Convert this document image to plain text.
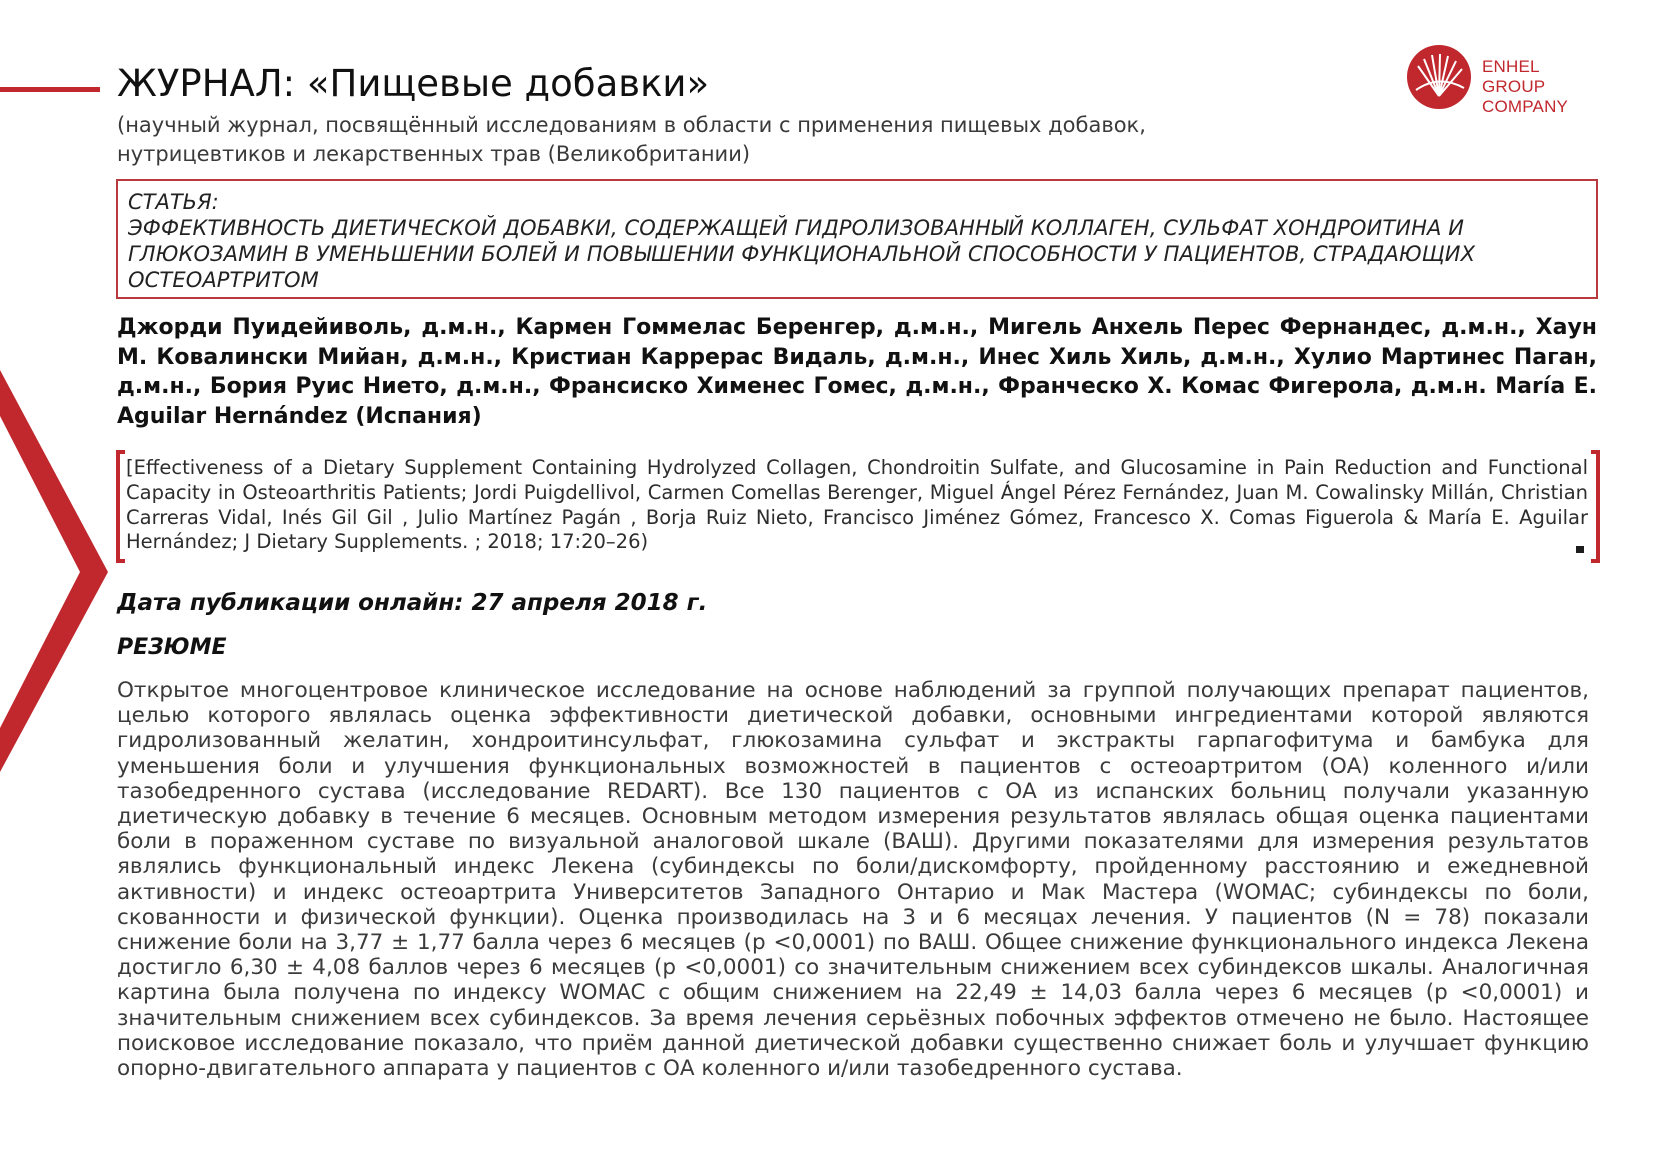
ENHEL GROUP
COMPANY
ЖУРНАЛ: «Пищевые добавки»

(научный журнал, посвящённый исследованиям в области с применения пищевых добавок, нутрицевтиков и лекарственных трав (Великобритании)

СТАТЬЯ:
ЭФФЕКТИВНОСТЬ ДИЕТИЧЕСКОЙ ДОБАВКИ, СОДЕРЖАЩЕЙ ГИДРОЛИЗОВАННЫЙ КОЛЛАГЕН, СУЛЬФАТ ХОНДРОИТИНА И ГЛЮКОЗАМИН В УМЕНЬШЕНИИ БОЛЕЙ И ПОВЫШЕНИИ ФУНКЦИОНАЛЬНОЙ СПОСОБНОСТИ У ПАЦИЕНТОВ, СТРАДАЮЩИХ ОСТЕОАРТРИТОМ

Джорди Пуидейиволь, д.м.н., Кармен Гоммелас Беренгер, д.м.н., Мигель Анхель Перес Фернандес, д.м.н., Хаун М. Ковалински Мийан, д.м.н., Кристиан Каррерас Видаль, д.м.н., Инес Хиль Хиль, д.м.н., Хулио Мартинес Паган, д.м.н., Бория Руис Нието, д.м.н., Франсиско Хименес Гомес, д.м.н., Франческо Х. Комас Фигерола, д.м.н. María E. Aguilar Hernández (Испания)

[Effectiveness of a Dietary Supplement Containing Hydrolyzed Collagen, Chondroitin Sulfate, and Glucosamine in Pain Reduction and Functional Capacity in Osteoarthritis Patients; Jordi Puigdellivol, Carmen Comellas Berenger, Miguel Ángel Pérez Fernández, Juan M. Cowalinsky Millán, Christian Carreras Vidal, Inés Gil Gil , Julio Martínez Pagán , Borja Ruiz Nieto, Francisco Jiménez Gómez, Francesco X. Comas Figuerola & María E. Aguilar Hernández; J Dietary Supplements. ; 2018; 17:20–26)

Дата публикации онлайн: 27 апреля 2018 г.

РЕЗЮМЕ

Открытое многоцентровое клиническое исследование на основе наблюдений за группой получающих препарат пациентов, целью которого являлась оценка эффективности диетической добавки, основными ингредиентами которой являются гидролизованный желатин, хондроитинсульфат, глюкозамина сульфат и экстракты гарпагофитума и бамбука для уменьшения боли и улучшения функциональных возможностей в пациентов с остеоартритом (ОА) коленного и/или тазобедренного сустава (исследование REDART). Все 130 пациентов с ОА из испанских больниц получали указанную диетическую добавку в течение 6 месяцев. Основным методом измерения результатов являлась общая оценка пациентами боли в пораженном суставе по визуальной аналоговой шкале (ВАШ). Другими показателями для измерения результатов являлись функциональный индекс Лекена (субиндексы по боли/дискомфорту, пройденному расстоянию и ежедневной активности) и индекс остеоартрита Университетов Западного Онтарио и Мак Мастера (WOMAC; субиндексы по боли, скованности и физической функции). Оценка производилась на 3 и 6 месяцах лечения. У пациентов (N = 78) показали снижение боли на 3,77 ± 1,77 балла через 6 месяцев (p <0,0001) по ВАШ. Общее снижение функционального индекса Лекена достигло 6,30 ± 4,08 баллов через 6 месяцев (p <0,0001) со значительным снижением всех субиндексов шкалы. Аналогичная картина была получена по индексу WOMAC с общим снижением на 22,49 ± 14,03 балла через 6 месяцев (p <0,0001) и значительным снижением всех субиндексов. За время лечения серьёзных побочных эффектов отмечено не было. Настоящее поисковое исследование показало, что приём данной диетической добавки существенно снижает боль и улучшает функцию опорно-двигательного аппарата у пациентов с ОА коленного и/или тазобедренного сустава.
